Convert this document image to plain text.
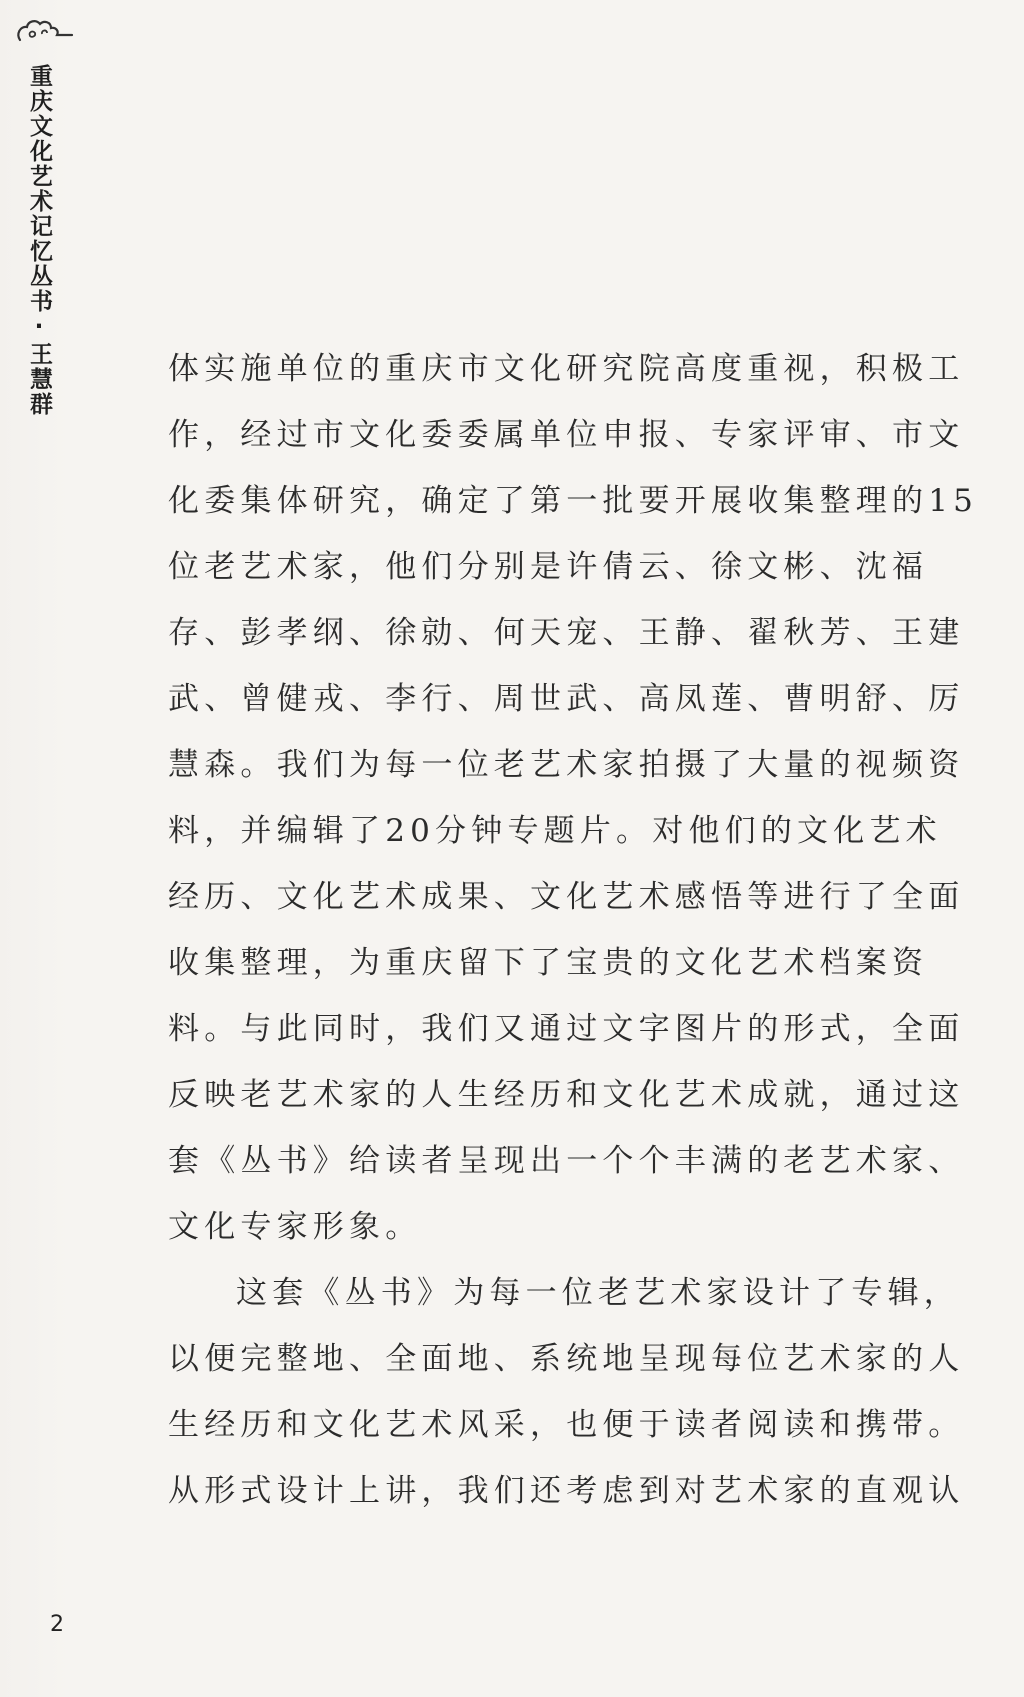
重庆文化艺术记忆丛书·王慧群	体实施单位的重庆市文化研究院高度重视，积极工
作，经过市文化委委属单位申报、专家评审、市文
化委集体研究，确定了第一批要开展收集整理的15
位老艺术家，他们分别是许倩云、徐文彬、沈福
存、彭孝纲、徐勍、何天宠、王静、翟秋芳、王建
武、曾健戎、李行、周世武、高凤莲、曹明舒、厉
慧森。我们为每一位老艺术家拍摄了大量的视频资
料，并编辑了20分钟专题片。对他们的文化艺术
经历、文化艺术成果、文化艺术感悟等进行了全面
收集整理，为重庆留下了宝贵的文化艺术档案资
料。与此同时，我们又通过文字图片的形式，全面
反映老艺术家的人生经历和文化艺术成就，通过这
套《丛书》给读者呈现出一个个丰满的老艺术家、
文化专家形象。
这套《丛书》为每一位老艺术家设计了专辑，
以便完整地、全面地、系统地呈现每位艺术家的人
生经历和文化艺术风采，也便于读者阅读和携带。
从形式设计上讲，我们还考虑到对艺术家的直观认
2
